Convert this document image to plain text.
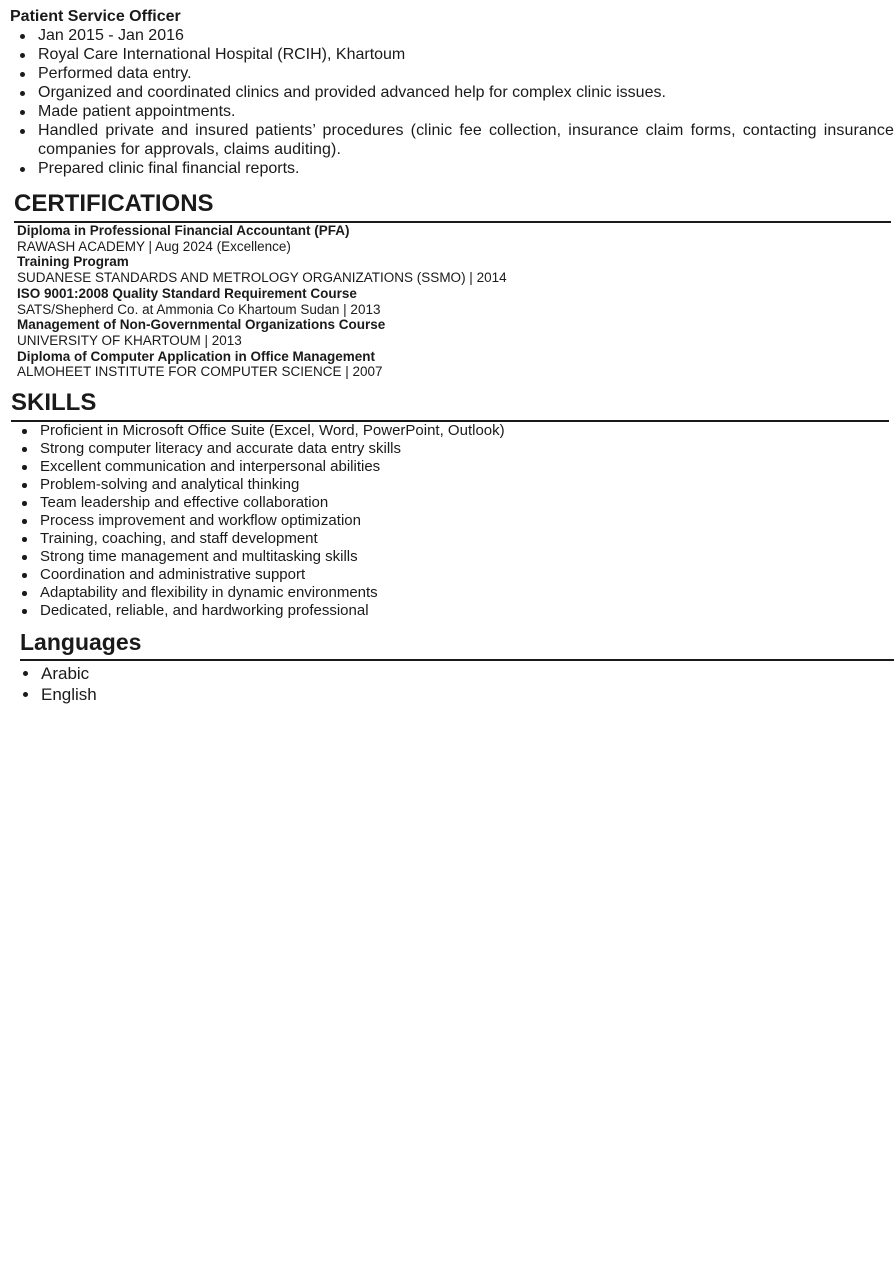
Patient Service Officer
Jan 2015 - Jan 2016
Royal Care International Hospital (RCIH), Khartoum
Performed data entry.
Organized and coordinated clinics and provided advanced help for complex clinic issues.
Made patient appointments.
Handled private and insured patients’ procedures (clinic fee collection, insurance claim forms, contacting insurance companies for approvals, claims auditing).
Prepared clinic final financial reports.
CERTIFICATIONS
Diploma in Professional Financial Accountant (PFA)
RAWASH ACADEMY | Aug 2024 (Excellence)
Training Program
SUDANESE STANDARDS AND METROLOGY ORGANIZATIONS (SSMO) | 2014
ISO 9001:2008 Quality Standard Requirement Course
SATS/Shepherd Co. at Ammonia Co Khartoum Sudan | 2013
Management of Non-Governmental Organizations Course
UNIVERSITY OF KHARTOUM | 2013
Diploma of Computer Application in Office Management
ALMOHEET INSTITUTE FOR COMPUTER SCIENCE | 2007
SKILLS
Proficient in Microsoft Office Suite (Excel, Word, PowerPoint, Outlook)
Strong computer literacy and accurate data entry skills
Excellent communication and interpersonal abilities
Problem-solving and analytical thinking
Team leadership and effective collaboration
Process improvement and workflow optimization
Training, coaching, and staff development
Strong time management and multitasking skills
Coordination and administrative support
Adaptability and flexibility in dynamic environments
Dedicated, reliable, and hardworking professional
Languages
Arabic
English
